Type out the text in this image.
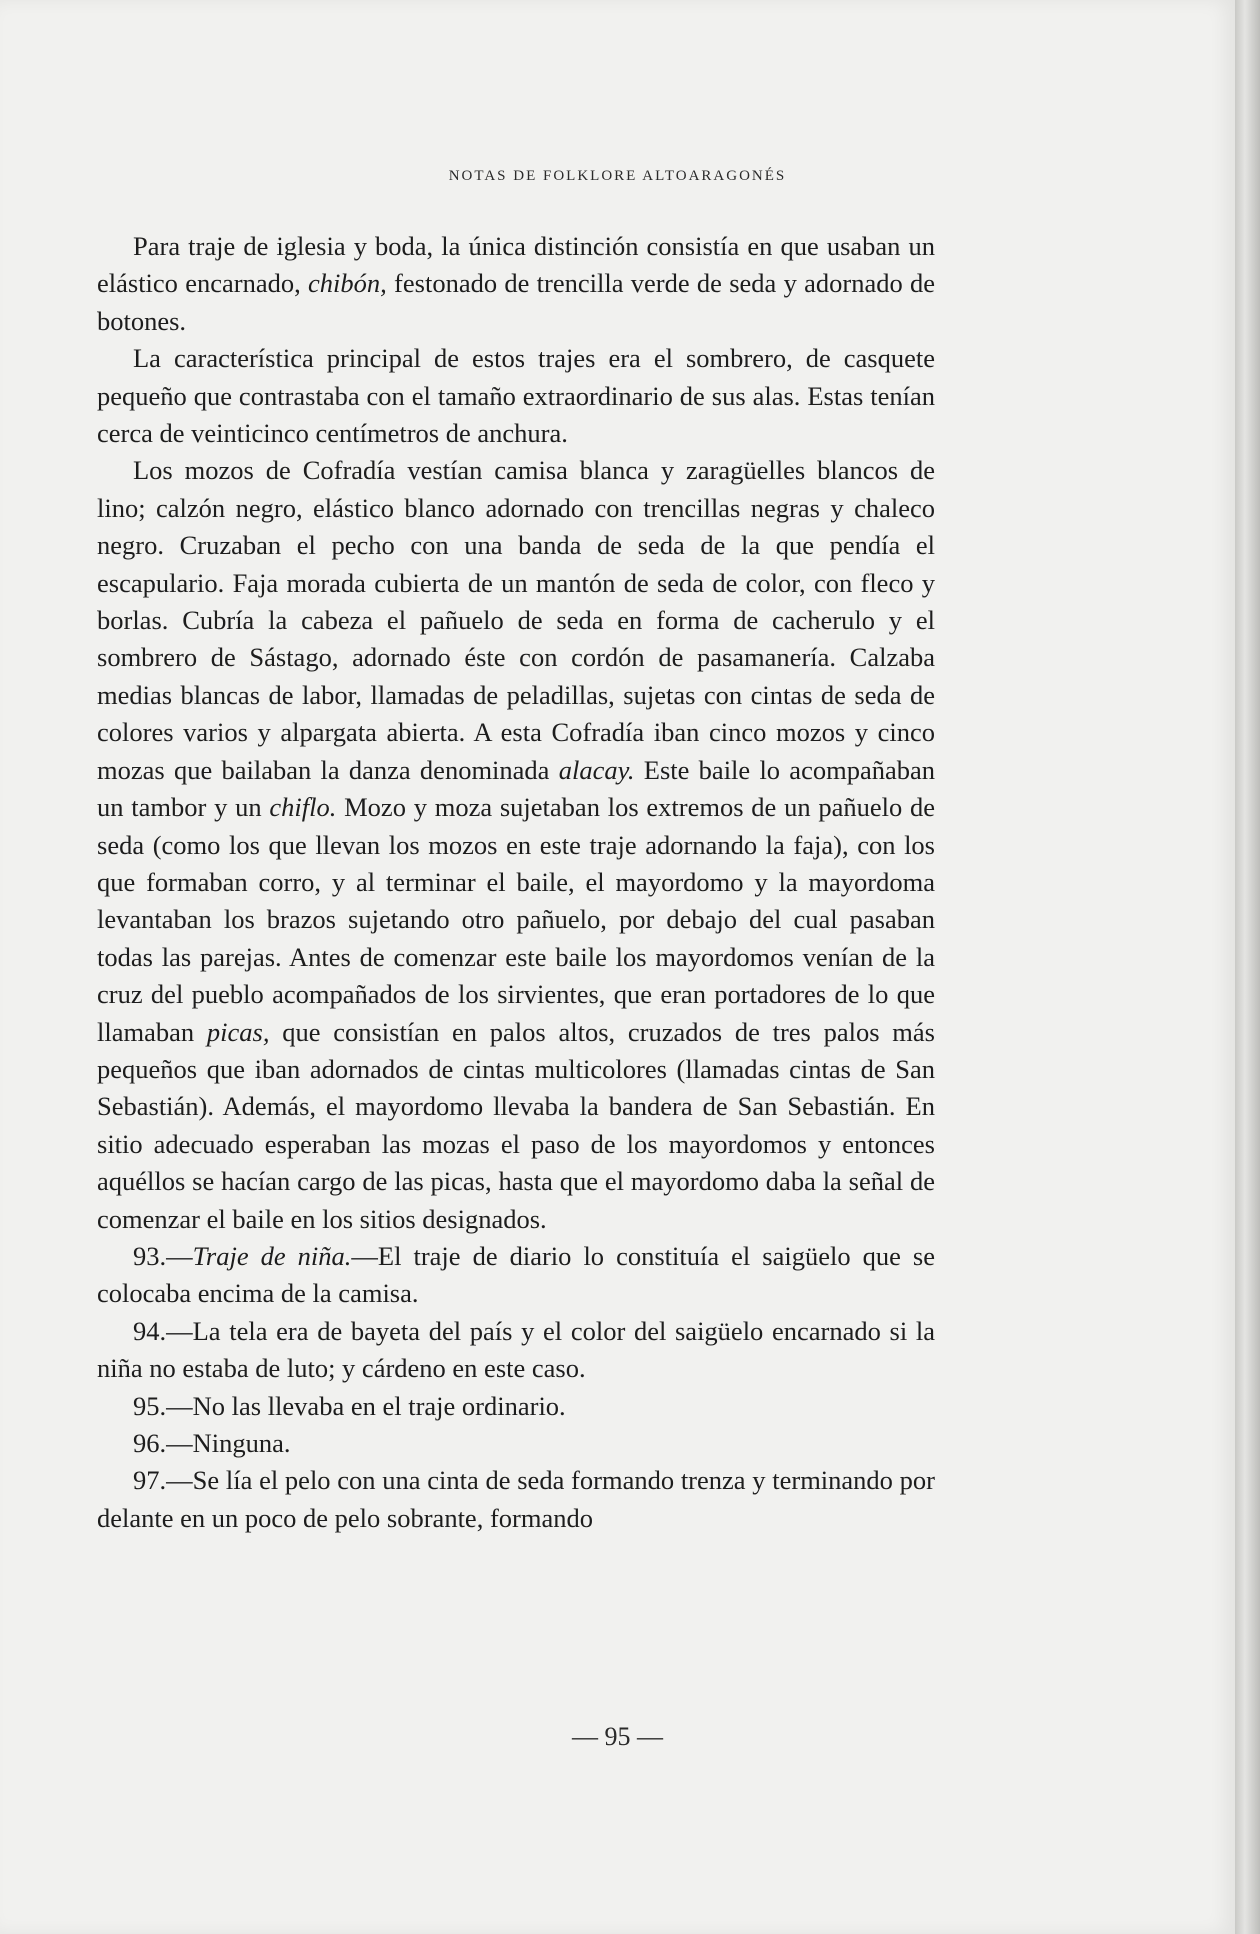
NOTAS DE FOLKLORE ALTOARAGONÉS

Para traje de iglesia y boda, la única distinción consistía en que usaban un elástico encarnado, chibón, festonado de trencilla verde de seda y adornado de botones.

La característica principal de estos trajes era el sombrero, de casquete pequeño que contrastaba con el tamaño extraordinario de sus alas. Estas tenían cerca de veinticinco centímetros de anchura.

Los mozos de Cofradía vestían camisa blanca y zaragüelles blancos de lino; calzón negro, elástico blanco adornado con trencillas negras y chaleco negro. Cruzaban el pecho con una banda de seda de la que pendía el escapulario. Faja morada cubierta de un mantón de seda de color, con fleco y borlas. Cubría la cabeza el pañuelo de seda en forma de cacherulo y el sombrero de Sástago, adornado éste con cordón de pasamanería. Calzaba medias blancas de labor, llamadas de peladillas, sujetas con cintas de seda de colores varios y alpargata abierta. A esta Cofradía iban cinco mozos y cinco mozas que bailaban la danza denominada alacay. Este baile lo acompañaban un tambor y un chiflo. Mozo y moza sujetaban los extremos de un pañuelo de seda (como los que llevan los mozos en este traje adornando la faja), con los que formaban corro, y al terminar el baile, el mayordomo y la mayordoma levantaban los brazos sujetando otro pañuelo, por debajo del cual pasaban todas las parejas. Antes de comenzar este baile los mayordomos venían de la cruz del pueblo acompañados de los sirvientes, que eran portadores de lo que llamaban picas, que consistían en palos altos, cruzados de tres palos más pequeños que iban adornados de cintas multicolores (llamadas cintas de San Sebastián). Además, el mayordomo llevaba la bandera de San Sebastián. En sitio adecuado esperaban las mozas el paso de los mayordomos y entonces aquéllos se hacían cargo de las picas, hasta que el mayordomo daba la señal de comenzar el baile en los sitios designados.

93.—Traje de niña.—El traje de diario lo constituía el saigüelo que se colocaba encima de la camisa.

94.—La tela era de bayeta del país y el color del saigüelo encarnado si la niña no estaba de luto; y cárdeno en este caso.

95.—No las llevaba en el traje ordinario.

96.—Ninguna.

97.—Se lía el pelo con una cinta de seda formando trenza y terminando por delante en un poco de pelo sobrante, formando

— 95 —
